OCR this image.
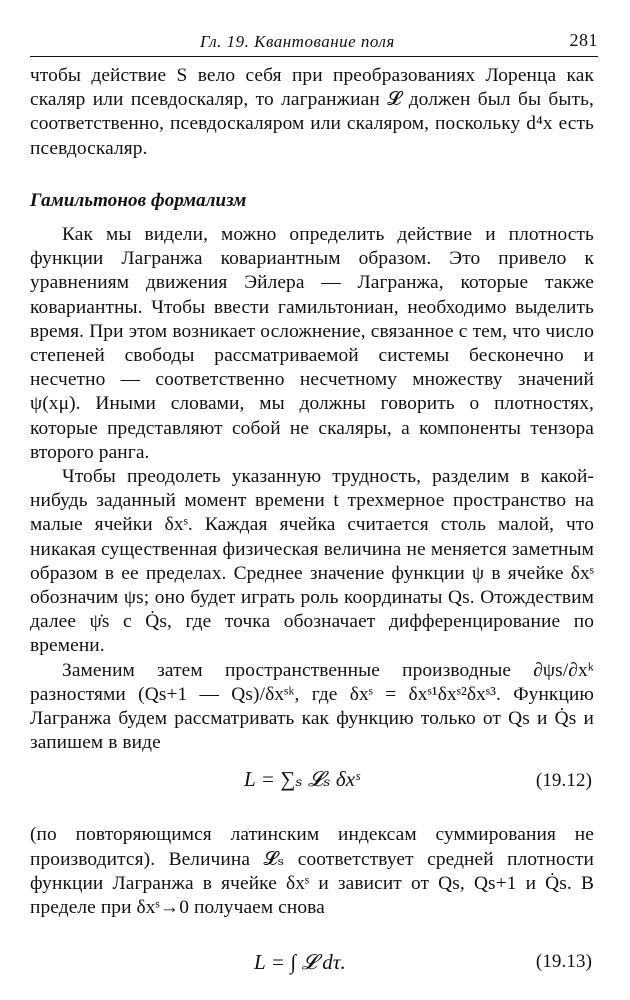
Гл. 19. Квантование поля	281

чтобы действие S вело себя при преобразованиях Лоренца как скаляр или псевдоскаляр, то лагранжиан 𝓛 должен был бы быть, соответственно, псевдоскаляром или скаляром, поскольку d⁴x есть псевдоскаляр.

Гамильтонов формализм

Как мы видели, можно определить действие и плотность функции Лагранжа ковариантным образом. Это привело к уравнениям движения Эйлера — Лагранжа, которые также ковариантны. Чтобы ввести гамильтониан, необходимо выделить время. При этом возникает осложнение, связанное с тем, что число степеней свободы рассматриваемой системы бесконечно и несчетно — соответственно несчетному множеству значений ψ(xμ). Иными словами, мы должны говорить о плотностях, которые представляют собой не скаляры, а компоненты тензора второго ранга.

Чтобы преодолеть указанную трудность, разделим в какой-нибудь заданный момент времени t трехмерное пространство на малые ячейки δxˢ. Каждая ячейка считается столь малой, что никакая существенная физическая величина не меняется заметным образом в ее пределах. Среднее значение функции ψ в ячейке δxˢ обозначим ψs; оно будет играть роль координаты Qs. Отождествим далее ψ̇s с Q̇s, где точка обозначает дифференцирование по времени.

Заменим затем пространственные производные ∂ψs/∂xᵏ разностями (Qs+1 — Qs)/δxˢᵏ, где δxˢ = δxˢ¹δxˢ²δxˢ³. Функцию Лагранжа будем рассматривать как функцию только от Qs и Q̇s и запишем в виде

L = ∑ₛ 𝓛ₛ δxˢ	(19.12)

(по повторяющимся латинским индексам суммирования не производится). Величина 𝓛ₛ соответствует средней плотности функции Лагранжа в ячейке δxˢ и зависит от Qs, Qs+1 и Q̇s. В пределе при δxˢ→0 получаем снова

L = ∫ 𝓛 dτ.	(19.13)
